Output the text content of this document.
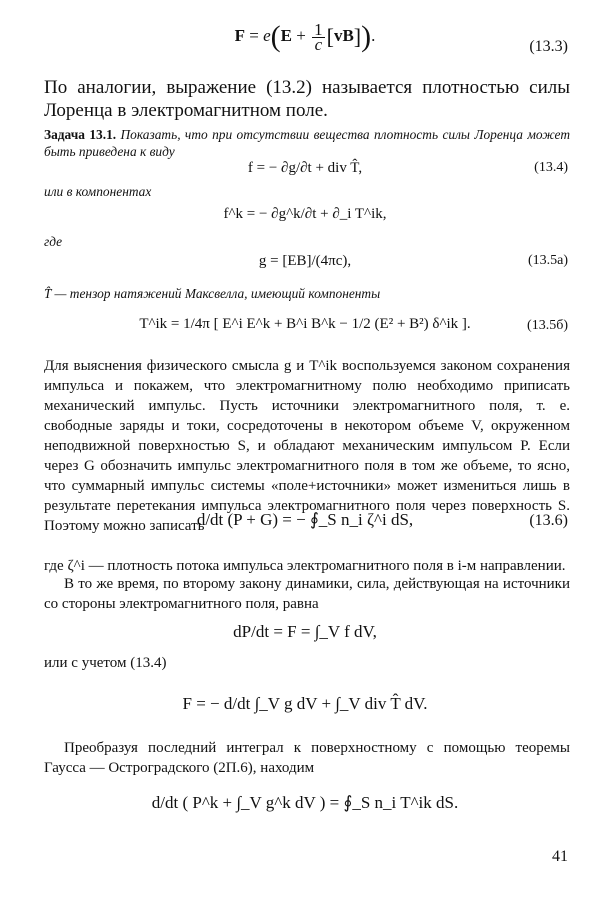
$F = e(E + \frac{1}{c} [vB])$.
(13.3)
По аналогии, выражение (13.2) называется плотностью силы Лоренца в электромагнитном поле.
Задача 13.1. Показать, что при отсутствии вещества плотность силы Лоренца может быть приведена к виду
f = − ∂g/∂t + div T̂,	(13.4)
или в компонентах
f^k = − ∂g^k/∂t + ∂_i T^ik,
где
g = [EB]/(4πc),	(13.5а)
T̂ — тензор натяжений Максвелла, имеющий компоненты
T^ik = 1/4π [ E^i E^k + B^i B^k − 1/2 (E² + B²) δ^ik ].	(13.5б)
Для выяснения физического смысла g и T^ik воспользуемся законом сохранения импульса и покажем, что электромагнитному полю необходимо приписать механический импульс. Пусть источники электромагнитного поля, т. е. свободные заряды и токи, сосредоточены в некотором объеме V, окруженном неподвижной поверхностью S, и обладают механическим импульсом P. Если через G обозначить импульс электромагнитного поля в том же объеме, то ясно, что суммарный импульс системы «поле+источники» может измениться лишь в результате перетекания импульса электромагнитного поля через поверхность S. Поэтому можно записать
d/dt (P + G) = − ∮_S n_i ζ^i dS,	(13.6)
где ζ^i — плотность потока импульса электромагнитного поля в i-м направлении.
В то же время, по второму закону динамики, сила, действующая на источники со стороны электромагнитного поля, равна
dP/dt = F = ∫_V f dV,
или с учетом (13.4)
F = − d/dt ∫_V g dV + ∫_V div T̂ dV.
Преобразуя последний интеграл к поверхностному с помощью теоремы Гаусса — Остроградского (2П.6), находим
d/dt ( P^k + ∫_V g^k dV ) = ∮_S n_i T^ik dS.
41
